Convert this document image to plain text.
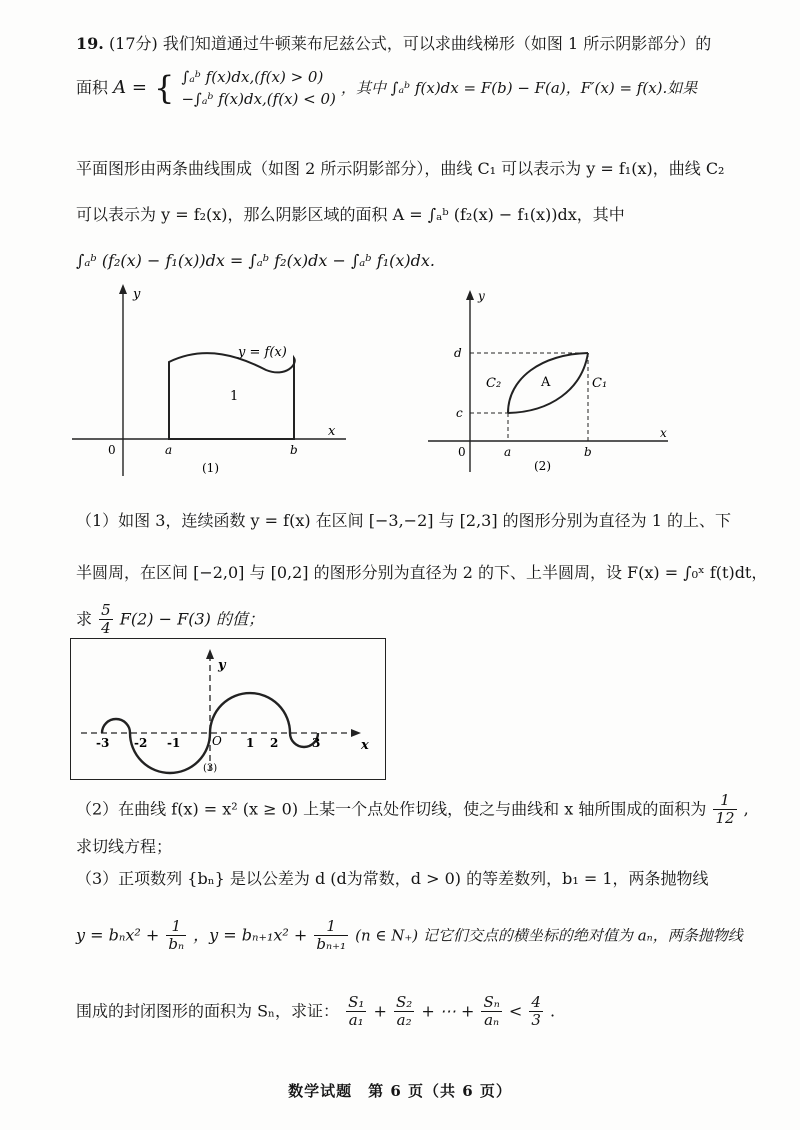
19. (17分) 我们知道通过牛顿莱布尼兹公式，可以求曲线梯形（如图 1 所示阴影部分）的
面积 A = { ∫ₐᵇ f(x)dx,(f(x) > 0)
−∫ₐᵇ f(x)dx,(f(x) < 0)
，其中 ∫ₐᵇ f(x)dx = F(b) − F(a)，F′(x) = f(x).如果
平面图形由两条曲线围成（如图 2 所示阴影部分），曲线 C₁ 可以表示为 y = f₁(x)，曲线 C₂
可以表示为 y = f₂(x)，那么阴影区域的面积 A = ∫ₐᵇ (f₂(x) − f₁(x))dx，其中
∫ₐᵇ (f₂(x) − f₁(x))dx = ∫ₐᵇ f₂(x)dx − ∫ₐᵇ f₁(x)dx.
y
x
0	a	b
y = f(x)
1
(1)
y
x
0	a	b
c
d
C₂	C₁
A
(2)
（1）如图 3，连续函数 y = f(x) 在区间 [−3,−2] 与 [2,3] 的图形分别为直径为 1 的上、下
半圆周，在区间 [−2,0] 与 [0,2] 的图形分别为直径为 2 的下、上半圆周，设 F(x) = ∫₀ˣ f(t)dt，
求 $\frac{5}{4} F(2) - F(3)$ 的值；
y
x
O
-3 -2 -1	1 2	3
(3)
（2）在曲线 f(x) = x² (x ≥ 0) 上某一个点处作切线，使之与曲线和 x 轴所围成的面积为 $\frac{1}{12}$ ,
求切线方程；
（3）正项数列 {bₙ} 是以公差为 d (d为常数，d > 0) 的等差数列，b₁ = 1，两条抛物线
$y = b_nx^2 + \frac{1}{\text{bₙ}}$ ，$y = b_{n+1}x^2 + \frac{1}{\text{bₙ₊₁}} (n$ ∈ N₊) 记它们交点的横坐标的绝对值为 aₙ，两条抛物线
围成的封闭图形的面积为 Sₙ，求证： $\frac{\text{S₁}}{\text{a₁}} + \frac{\text{S₂}}{\text{a₂}}$ + ⋯ + $\frac{\text{Sₙ}}{\text{aₙ}} < \frac{4}{3}$ .
数学试题　第 6 页（共 6 页）
